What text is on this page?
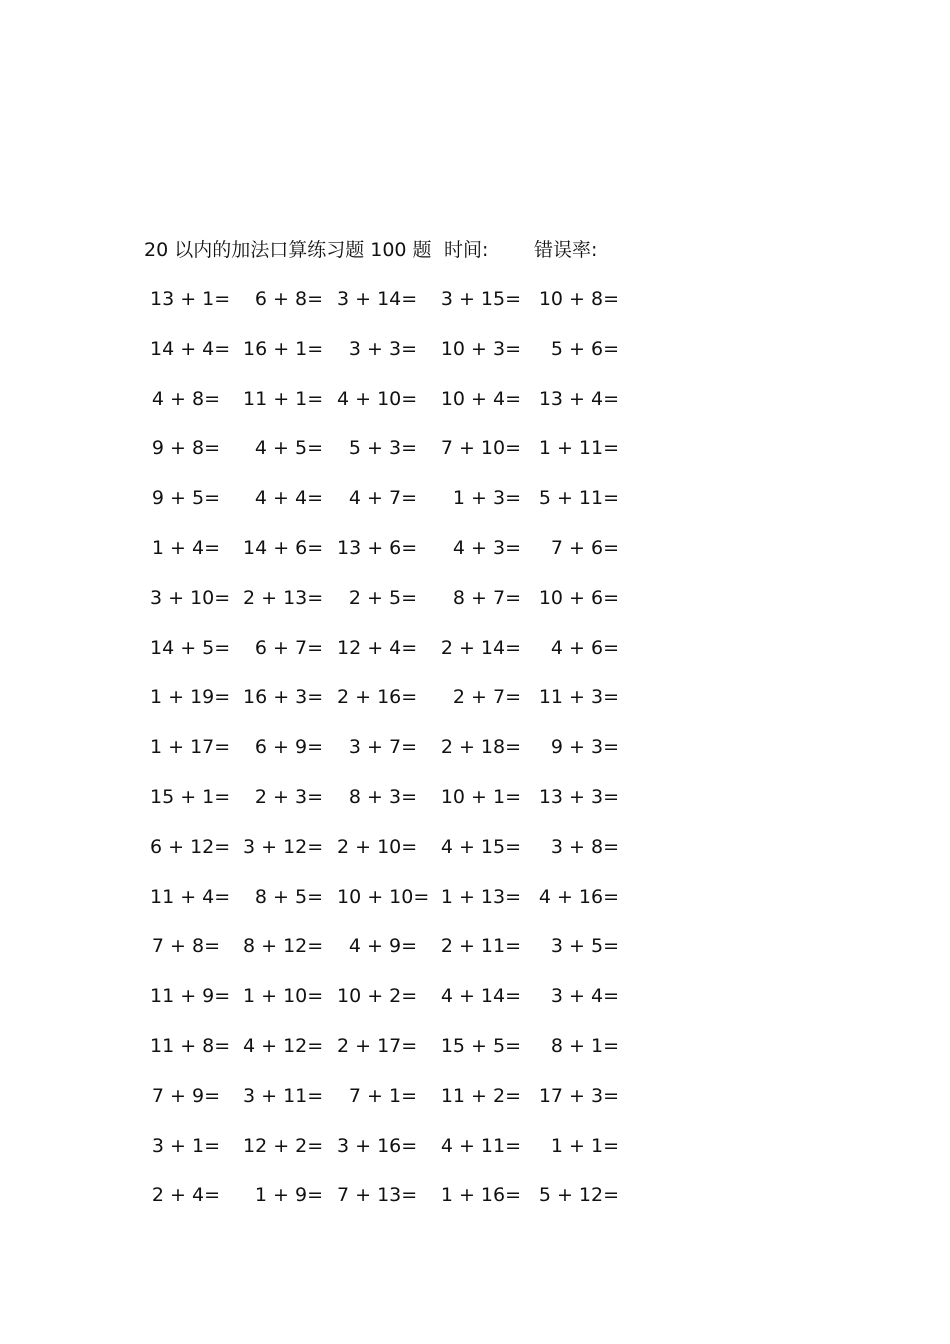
20 以内的加法口算练习题 100 题 时间: 错误率:
13 + 1=	6 + 8= 3 + 14= 3 + 15= 10 + 8=
14 + 4= 16 + 1=	3 + 3= 10 + 3=	5 + 6=
4 + 8= 11 + 1= 4 + 10= 10 + 4= 13 + 4=
9 + 8=	4 + 5=	5 + 3= 7 + 10= 1 + 11=
9 + 5=	4 + 4=	4 + 7=	1 + 3= 5 + 11=
1 + 4= 14 + 6= 13 + 6=	4 + 3=	7 + 6=
3 + 10= 2 + 13=	2 + 5=	8 + 7= 10 + 6=
14 + 5=	6 + 7= 12 + 4= 2 + 14=	4 + 6=
1 + 19= 16 + 3= 2 + 16=	2 + 7= 11 + 3=
1 + 17=	6 + 9=	3 + 7= 2 + 18=	9 + 3=
15 + 1=	2 + 3=	8 + 3= 10 + 1= 13 + 3=
6 + 12= 3 + 12= 2 + 10= 4 + 15=	3 + 8=
11 + 4=	8 + 5= 10 + 10= 1 + 13= 4 + 16=
7 + 8= 8 + 12=	4 + 9= 2 + 11=	3 + 5=
11 + 9= 1 + 10= 10 + 2= 4 + 14=	3 + 4=
11 + 8= 4 + 12= 2 + 17= 15 + 5=	8 + 1=
7 + 9= 3 + 11=	7 + 1= 11 + 2= 17 + 3=
3 + 1= 12 + 2= 3 + 16= 4 + 11=	1 + 1=
2 + 4=	1 + 9= 7 + 13= 1 + 16= 5 + 12=
